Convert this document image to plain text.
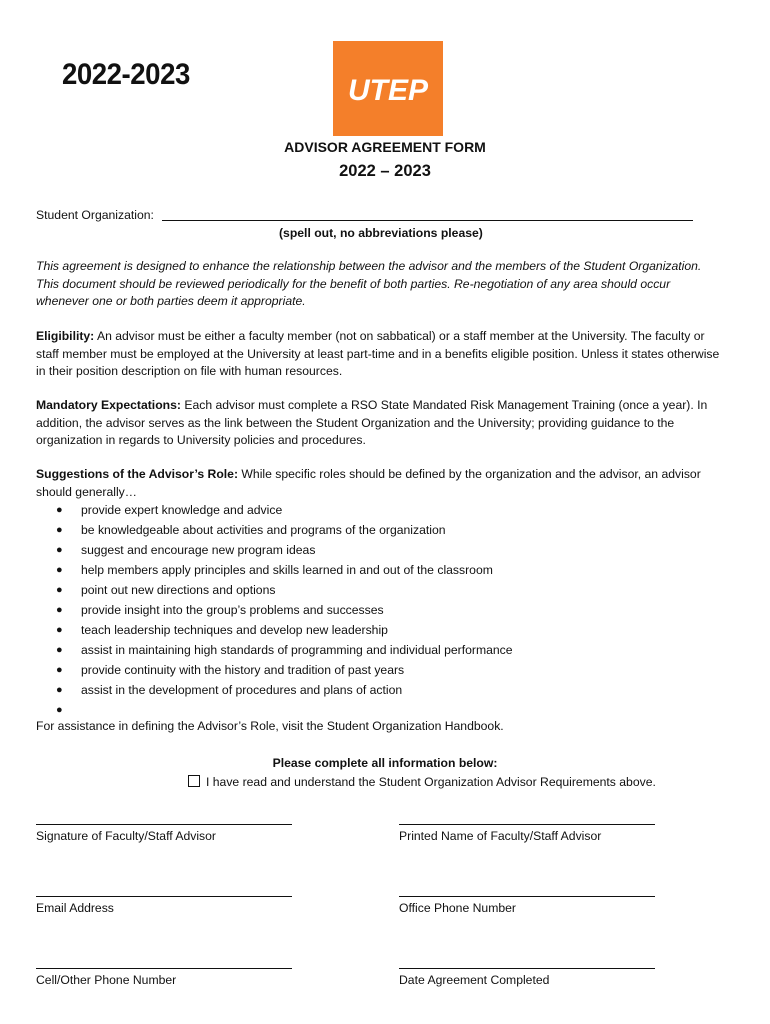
2022-2023	UTEP
ADVISOR AGREEMENT FORM
2022 – 2023
Student Organization:
(spell out, no abbreviations please)
This agreement is designed to enhance the relationship between the advisor and the members of the Student Organization. This document should be reviewed periodically for the benefit of both parties. Re-negotiation of any area should occur whenever one or both parties deem it appropriate.
Eligibility: An advisor must be either a faculty member (not on sabbatical) or a staff member at the University. The faculty or staff member must be employed at the University at least part-time and in a benefits eligible position. Unless it states otherwise in their position description on file with human resources.
Mandatory Expectations: Each advisor must complete a RSO State Mandated Risk Management Training (once a year). In addition, the advisor serves as the link between the Student Organization and the University; providing guidance to the organization in regards to University policies and procedures.
Suggestions of the Advisor’s Role: While specific roles should be defined by the organization and the advisor, an advisor should generally…
● provide expert knowledge and advice
● be knowledgeable about activities and programs of the organization
● suggest and encourage new program ideas
● help members apply principles and skills learned in and out of the classroom
● point out new directions and options
● provide insight into the group’s problems and successes
● teach leadership techniques and develop new leadership
● assist in maintaining high standards of programming and individual performance
● provide continuity with the history and tradition of past years
● assist in the development of procedures and plans of action
●
For assistance in defining the Advisor’s Role, visit the Student Organization Handbook.
Please complete all information below:
I have read and understand the Student Organization Advisor Requirements above.
Signature of Faculty/Staff Advisor	Printed Name of Faculty/Staff Advisor
Email Address	Office Phone Number
Cell/Other Phone Number	Date Agreement Completed
